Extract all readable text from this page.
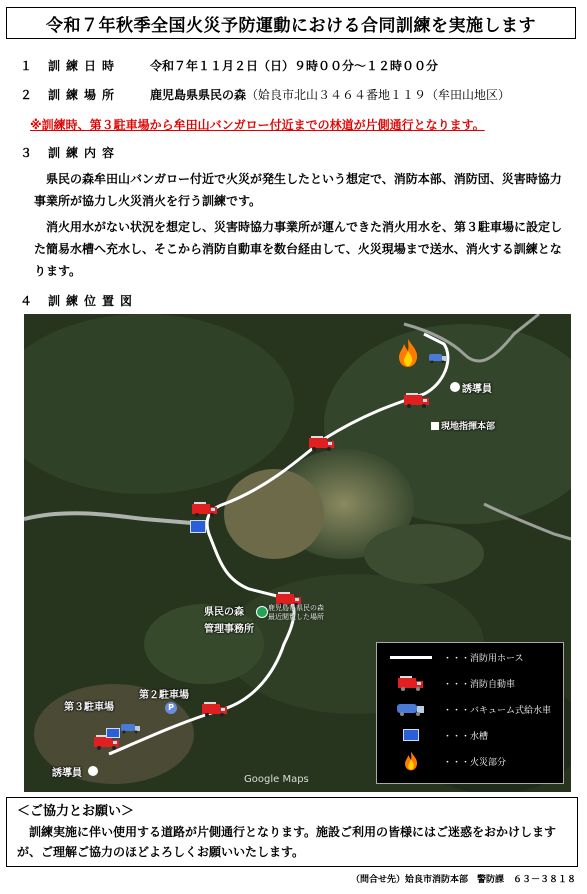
令和７年秋季全国火災予防運動における合同訓練を実施します
１ 訓練日時 令和７年１１月２日（日）９時００分～１２時００分
２ 訓練場所 鹿児島県県民の森（姶良市北山３４６４番地１１９（牟田山地区）
※訓練時、第３駐車場から牟田山バンガロー付近までの林道が片側通行となります。
３ 訓練内容
県民の森牟田山バンガロー付近で火災が発生したという想定で、消防本部、消防団、災害時協力事業所が協力し火災消火を行う訓練です。
消火用水がない状況を想定し、災害時協力事業所が運んできた消火用水を、第３駐車場に設定した簡易水槽へ充水し、そこから消防自動車を数台経由して、火災現場まで送水、消火する訓練となります。
４ 訓練位置図
誘導員
現地指揮本部
県民の森
管理事務所
鹿児島県県民の森
最近閲覧した場所
第２駐車場
P
第３駐車場
誘導員
Google Maps
・・・消防用ホース
・・・消防自動車
・・・バキューム式給水車
・・・水槽
・・・火災部分
＜ご協力とお願い＞
訓練実施に伴い使用する道路が片側通行となります。施設ご利用の皆様にはご迷惑をおかけしますが、ご理解ご協力のほどよろしくお願いいたします。
（問合せ先）姶良市消防本部　警防課　６３－３８１８
